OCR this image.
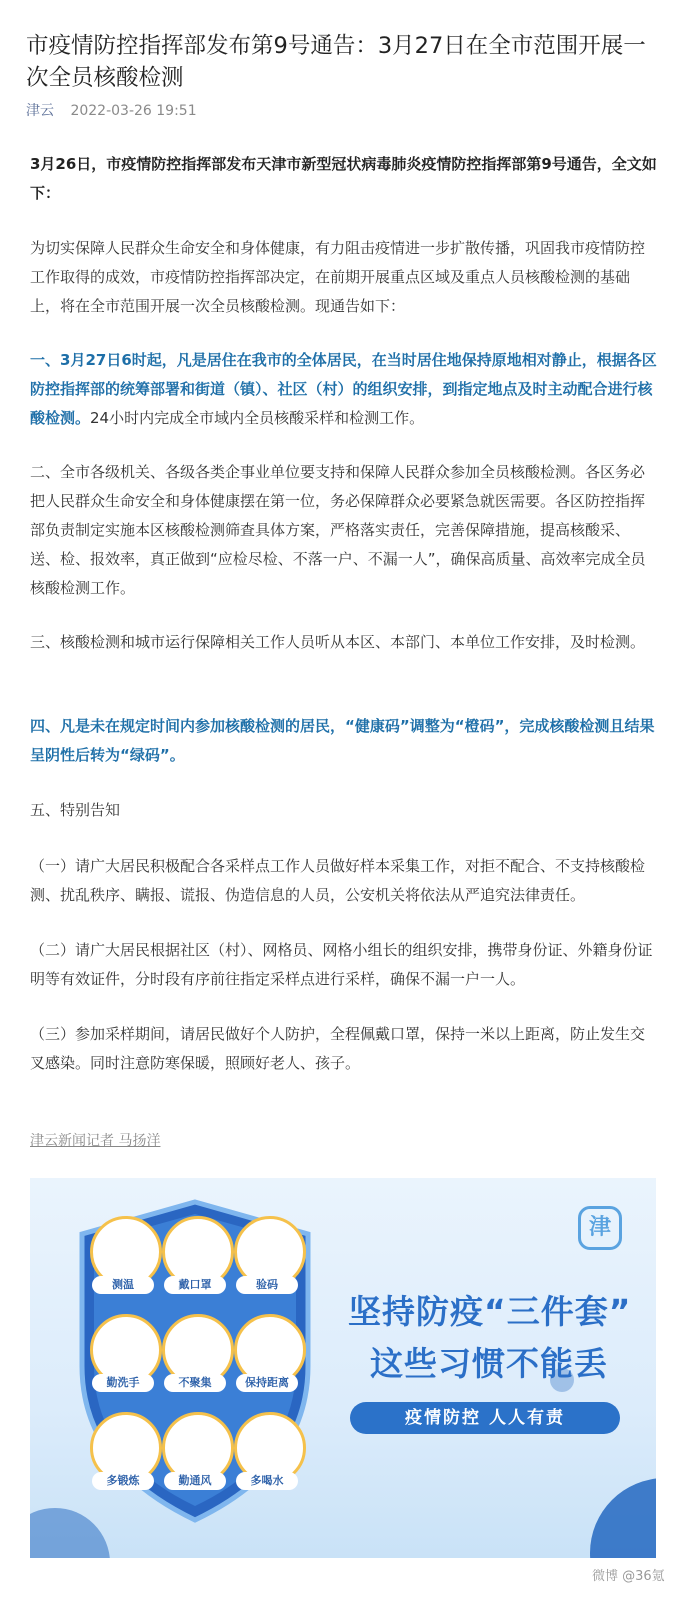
市疫情防控指挥部发布第9号通告：3月27日在全市范围开展一次全员核酸检测
津云 2022-03-26 19:51

3月26日，市疫情防控指挥部发布天津市新型冠状病毒肺炎疫情防控指挥部第9号通告，全文如下：

为切实保障人民群众生命安全和身体健康，有力阻击疫情进一步扩散传播，巩固我市疫情防控工作取得的成效，市疫情防控指挥部决定，在前期开展重点区域及重点人员核酸检测的基础上，将在全市范围开展一次全员核酸检测。现通告如下：

一、3月27日6时起，凡是居住在我市的全体居民，在当时居住地保持原地相对静止，根据各区防控指挥部的统筹部署和街道（镇）、社区（村）的组织安排，到指定地点及时主动配合进行核酸检测。24小时内完成全市域内全员核酸采样和检测工作。

二、全市各级机关、各级各类企事业单位要支持和保障人民群众参加全员核酸检测。各区务必把人民群众生命安全和身体健康摆在第一位，务必保障群众必要紧急就医需要。各区防控指挥部负责制定实施本区核酸检测筛查具体方案，严格落实责任，完善保障措施，提高核酸采、送、检、报效率，真正做到“应检尽检、不落一户、不漏一人”，确保高质量、高效率完成全员核酸检测工作。

三、核酸检测和城市运行保障相关工作人员听从本区、本部门、本单位工作安排，及时检测。

四、凡是未在规定时间内参加核酸检测的居民，“健康码”调整为“橙码”，完成核酸检测且结果呈阴性后转为“绿码”。

五、特别告知

（一）请广大居民积极配合各采样点工作人员做好样本采集工作，对拒不配合、不支持核酸检测、扰乱秩序、瞒报、谎报、伪造信息的人员，公安机关将依法从严追究法律责任。

（二）请广大居民根据社区（村）、网格员、网格小组长的组织安排，携带身份证、外籍身份证明等有效证件，分时段有序前往指定采样点进行采样，确保不漏一户一人。

（三）参加采样期间，请居民做好个人防护，全程佩戴口罩，保持一米以上距离，防止发生交叉感染。同时注意防寒保暖，照顾好老人、孩子。

津云新闻记者 马扬洋
测温	戴口罩	验码
勤洗手	不聚集	保持距离
多锻炼	勤通风	多喝水
津
坚持防疫“三件套”
这些习惯不能丢
疫情防控 人人有责
微博 @36氪
